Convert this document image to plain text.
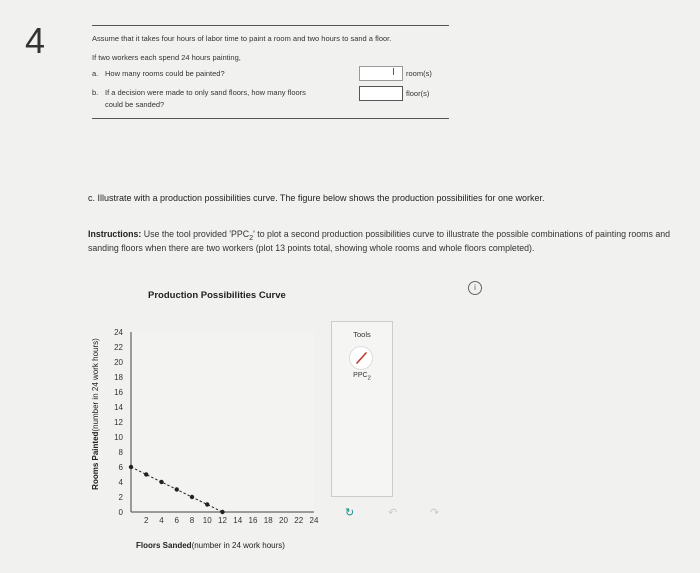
4	Assume that it takes four hours of labor time to paint a room and two hours to sand a floor.
If two workers each spend 24 hours painting,
a. How many rooms could be painted?	I room(s)
b. If a decision were made to only sand floors, how many floors
could be sanded?
floor(s)
c. Illustrate with a production possibilities curve. The figure below shows the production possibilities for one worker.
Instructions: Use the tool provided '$PPC_2$' to plot a second production possibilities curve to illustrate the possible combinations of painting rooms and sanding floors when there are two workers (plot 13 points total, showing whole rooms and whole floors completed).
Production Possibilities Curve
i
2
4
6
8
10
12
14
16
18
20
22
24
2 4 6 8 10 12 14 16 18 20 22 24
0
Floors Sanded(number in 24 work hours)
Rooms Painted(number in 24 work hours)
Tools
$PPC_2$
↻	↶	↷
